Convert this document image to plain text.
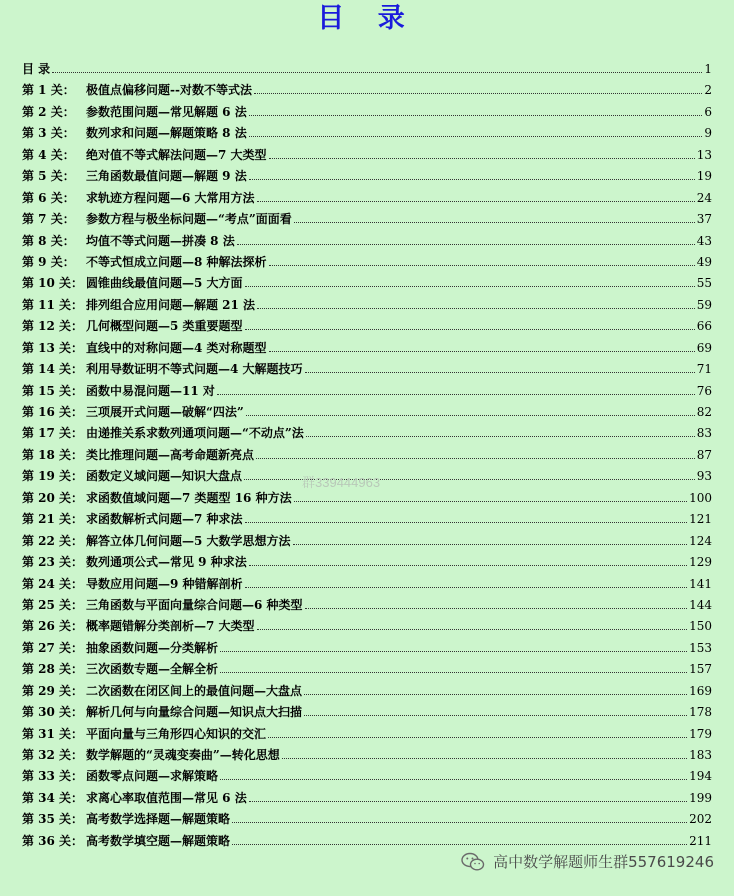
目 录
目 录	1
第 1 关： 极值点偏移问题--对数不等式法	2
第 2 关： 参数范围问题—常见解题 6 法	6
第 3 关： 数列求和问题—解题策略 8 法	9
第 4 关： 绝对值不等式解法问题—7 大类型	13
第 5 关： 三角函数最值问题—解题 9 法	19
第 6 关： 求轨迹方程问题—6 大常用方法	24
第 7 关： 参数方程与极坐标问题—“考点”面面看	37
第 8 关： 均值不等式问题—拼凑 8 法	43
第 9 关： 不等式恒成立问题—8 种解法探析	49
第 10 关： 圆锥曲线最值问题—5 大方面	55
第 11 关： 排列组合应用问题—解题 21 法	59
第 12 关： 几何概型问题—5 类重要题型	66
第 13 关： 直线中的对称问题—4 类对称题型	69
第 14 关： 利用导数证明不等式问题—4 大解题技巧	71
第 15 关： 函数中易混问题—11 对	76
第 16 关： 三项展开式问题—破解“四法”	82
第 17 关： 由递推关系求数列通项问题—“不动点”法	83
第 18 关： 类比推理问题—高考命题新亮点	87
第 19 关： 函数定义域问题—知识大盘点	93
第 20 关： 求函数值域问题—7 类题型 16 种方法	100
第 21 关： 求函数解析式问题—7 种求法	121
第 22 关： 解答立体几何问题—5 大数学思想方法	124
第 23 关： 数列通项公式—常见 9 种求法	129
第 24 关： 导数应用问题—9 种错解剖析	141
第 25 关： 三角函数与平面向量综合问题—6 种类型	144
第 26 关： 概率题错解分类剖析—7 大类型	150
第 27 关： 抽象函数问题—分类解析	153
第 28 关： 三次函数专题—全解全析	157
第 29 关： 二次函数在闭区间上的最值问题—大盘点	169
第 30 关： 解析几何与向量综合问题—知识点大扫描	178
第 31 关： 平面向量与三角形四心知识的交汇	179
第 32 关： 数学解题的“灵魂变奏曲”—转化思想	183
第 33 关： 函数零点问题—求解策略	194
第 34 关： 求离心率取值范围—常见 6 法	199
第 35 关： 高考数学选择题—解题策略	202
第 36 关： 高考数学填空题—解题策略	211
群339444963
高中数学解题师生群557619246
